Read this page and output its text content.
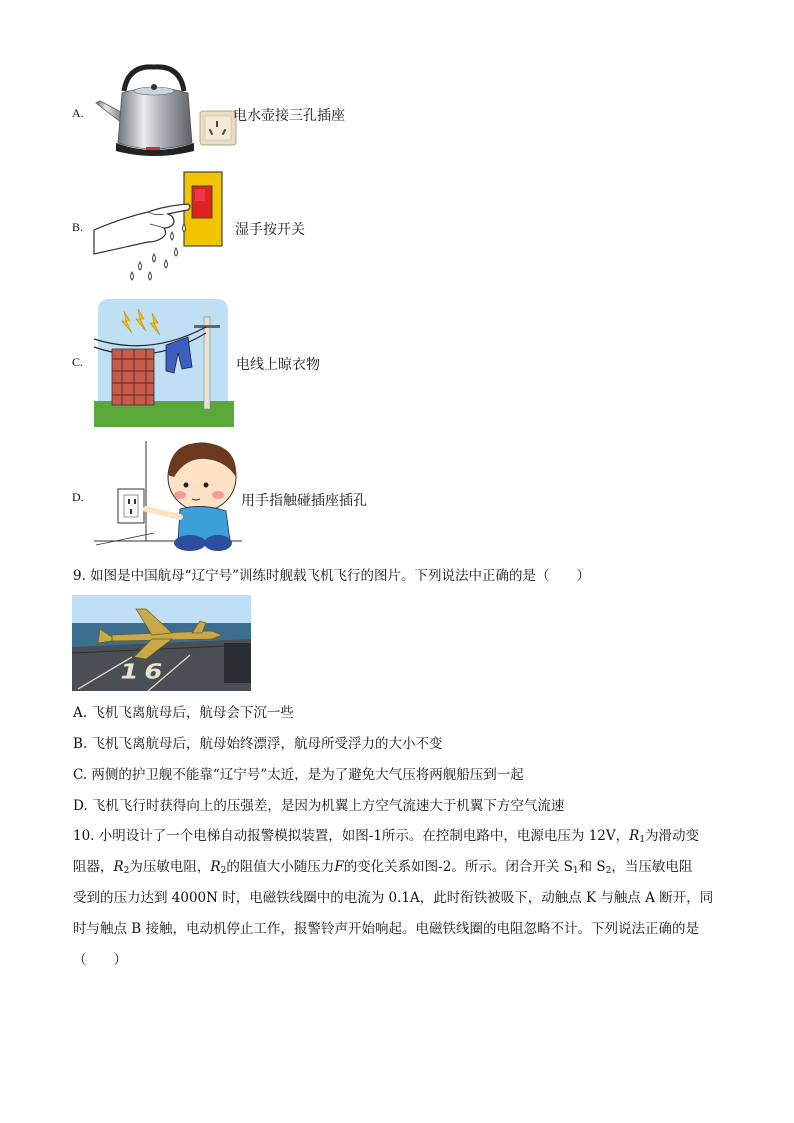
A.	电水壶接三孔插座
B.	湿手按开关
C.	电线上晾衣物
D.	用手指触碰插座插孔
9. 如图是中国航母“辽宁号”训练时舰载飞机飞行的图片。下列说法中正确的是（　　）
16
A. 飞机飞离航母后，航母会下沉一些
B. 飞机飞离航母后，航母始终漂浮，航母所受浮力的大小不变
C. 两侧的护卫舰不能靠“辽宁号”太近，是为了避免大气压将两舰船压到一起
D. 飞机飞行时获得向上的压强差，是因为机翼上方空气流速大于机翼下方空气流速
10. 小明设计了一个电梯自动报警模拟装置，如图-1所示。在控制电路中，电源电压为 12V，$R_1$为滑动变
阻器，$R_2$为压敏电阻，$R_2$的阻值大小随压力F的变化关系如图-2。所示。闭合开关 $S_1$和 $S_2$，当压敏电阻
受到的压力达到 4000N 时，电磁铁线圈中的电流为 0.1A，此时衔铁被吸下，动触点 K 与触点 A 断开，同
时与触点 B 接触，电动机停止工作，报警铃声开始响起。电磁铁线圈的电阻忽略不计。下列说法正确的是
（　　）
